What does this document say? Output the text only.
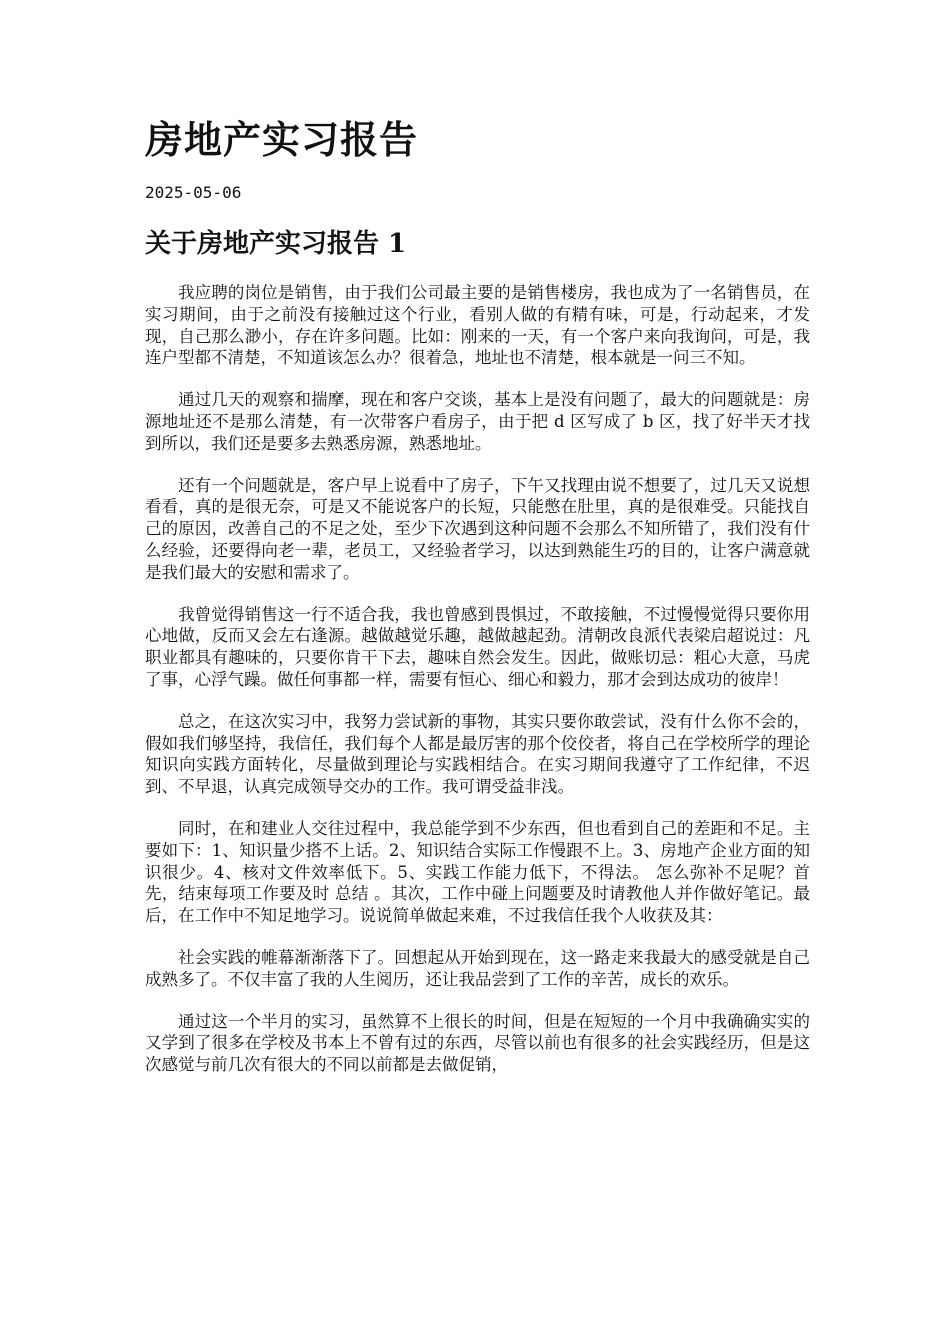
房地产实习报告
2025-05-06
关于房地产实习报告 1

我应聘的岗位是销售，由于我们公司最主要的是销售楼房，我也成为了一名销售员，在实习期间，由于之前没有接触过这个行业，看别人做的有精有味，可是，行动起来，才发现，自己那么渺小，存在许多问题。比如：刚来的一天，有一个客户来向我询问，可是，我连户型都不清楚，不知道该怎么办？很着急，地址也不清楚，根本就是一问三不知。

通过几天的观察和揣摩，现在和客户交谈，基本上是没有问题了，最大的问题就是：房源地址还不是那么清楚，有一次带客户看房子，由于把 d 区写成了 b 区，找了好半天才找到所以，我们还是要多去熟悉房源，熟悉地址。

还有一个问题就是，客户早上说看中了房子，下午又找理由说不想要了，过几天又说想看看，真的是很无奈，可是又不能说客户的长短，只能憋在肚里，真的是很难受。只能找自己的原因，改善自己的不足之处，至少下次遇到这种问题不会那么不知所错了，我们没有什么经验，还要得向老一辈，老员工，又经验者学习，以达到熟能生巧的目的，让客户满意就是我们最大的安慰和需求了。

我曾觉得销售这一行不适合我，我也曾感到畏惧过，不敢接触，不过慢慢觉得只要你用心地做，反而又会左右逢源。越做越觉乐趣，越做越起劲。清朝改良派代表梁启超说过：凡职业都具有趣味的，只要你肯干下去，趣味自然会发生。因此，做账切忌：粗心大意，马虎了事，心浮气躁。做任何事都一样，需要有恒心、细心和毅力，那才会到达成功的彼岸！

总之，在这次实习中，我努力尝试新的事物，其实只要你敢尝试，没有什么你不会的，假如我们够坚持，我信任，我们每个人都是最厉害的那个佼佼者，将自己在学校所学的理论知识向实践方面转化，尽量做到理论与实践相结合。在实习期间我遵守了工作纪律，不迟到、不早退，认真完成领导交办的工作。我可谓受益非浅。

同时，在和建业人交往过程中，我总能学到不少东西，但也看到自己的差距和不足。主要如下：1、知识量少搭不上话。2、知识结合实际工作慢跟不上。3、房地产企业方面的知识很少。4、核对文件效率低下。5、实践工作能力低下，不得法。 怎么弥补不足呢？首先，结束每项工作要及时 总结 。其次，工作中碰上问题要及时请教他人并作做好笔记。最后，在工作中不知足地学习。说说简单做起来难，不过我信任我个人收获及其：

社会实践的帷幕渐渐落下了。回想起从开始到现在，这一路走来我最大的感受就是自己成熟多了。不仅丰富了我的人生阅历，还让我品尝到了工作的辛苦，成长的欢乐。

通过这一个半月的实习，虽然算不上很长的时间，但是在短短的一个月中我确确实实的又学到了很多在学校及书本上不曾有过的东西，尽管以前也有很多的社会实践经历，但是这次感觉与前几次有很大的不同以前都是去做促销，
